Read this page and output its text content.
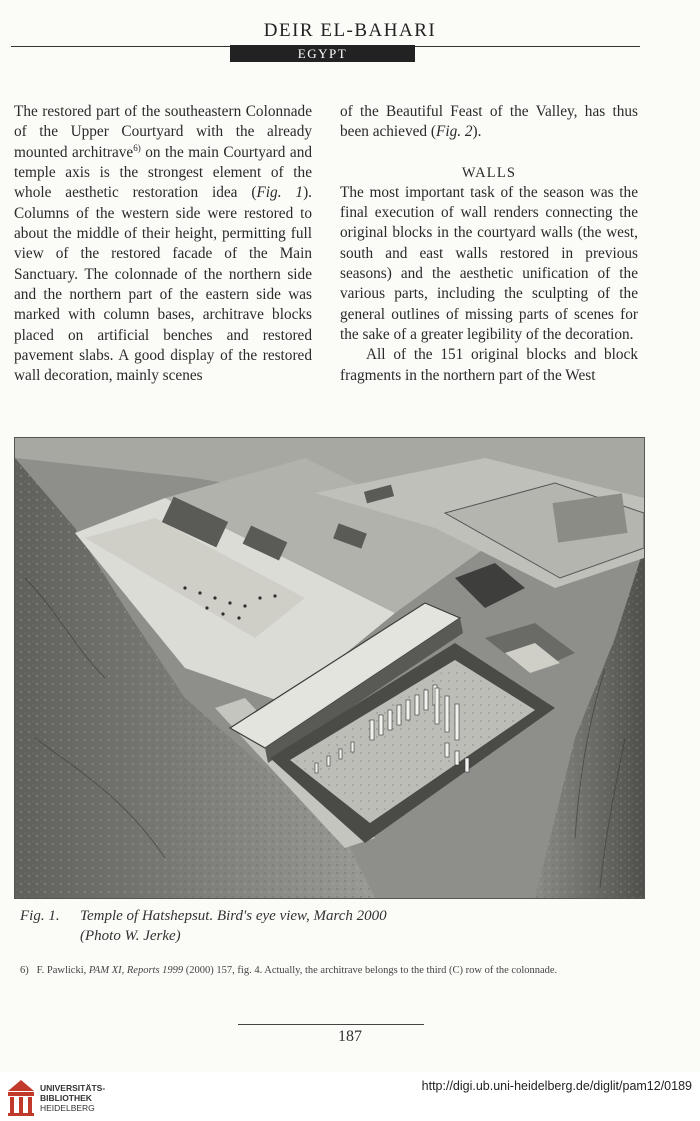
DEIR EL-BAHARI
EGYPT

The restored part of the southeastern Colonnade of the Upper Courtyard with the already mounted architrave$^{6)}$ on the main Courtyard and temple axis is the strongest element of the whole aesthetic restoration idea (Fig. 1). Columns of the western side were restored to about the middle of their height, permitting full view of the restored facade of the Main Sanctuary. The colonnade of the northern side and the northern part of the eastern side was marked with column bases, architrave blocks placed on artificial benches and restored pavement slabs. A good display of the restored wall decoration, mainly scenes

of the Beautiful Feast of the Valley, has thus been achieved (Fig. 2).

WALLS

The most important task of the season was the final execution of wall renders connecting the original blocks in the courtyard walls (the west, south and east walls restored in previous seasons) and the aesthetic unification of the various parts, including the sculpting of the general outlines of missing parts of scenes for the sake of a greater legibility of the decoration.

All of the 151 original blocks and block fragments in the northern part of the West

Fig. 1. Temple of Hatshepsut. Bird's eye view, March 2000
(Photo W. Jerke)
6) F. Pawlicki, PAM XI, Reports 1999 (2000) 157, fig. 4. Actually, the architrave belongs to the third (C) row of the colonnade.
187
UNIVERSITÄTS-
BIBLIOTHEK
HEIDELBERG
http://digi.ub.uni-heidelberg.de/diglit/pam12/0189
